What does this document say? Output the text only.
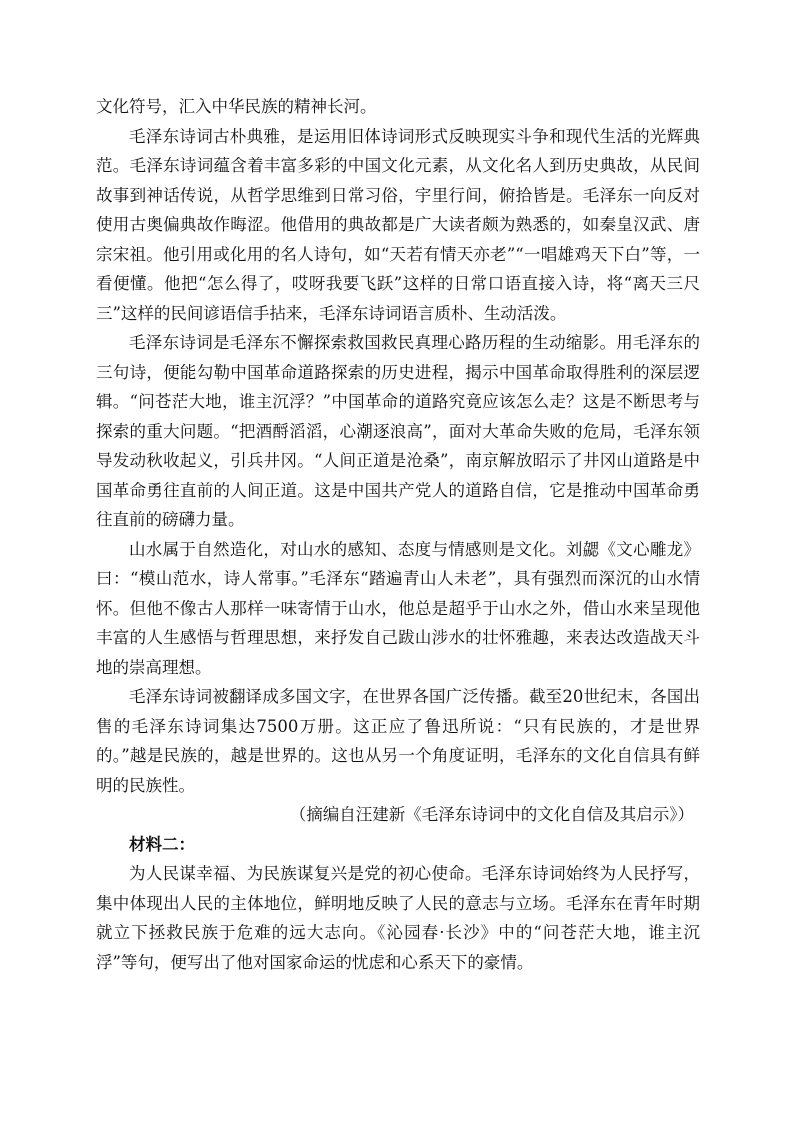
文化符号，汇入中华民族的精神长河。

毛泽东诗词古朴典雅，是运用旧体诗词形式反映现实斗争和现代生活的光辉典范。毛泽东诗词蕴含着丰富多彩的中国文化元素，从文化名人到历史典故，从民间故事到神话传说，从哲学思维到日常习俗，宇里行间，俯拾皆是。毛泽东一向反对使用古奥偏典故作晦涩。他借用的典故都是广大读者颇为熟悉的，如秦皇汉武、唐宗宋祖。他引用或化用的名人诗句，如“天若有情天亦老”“一唱雄鸡天下白”等，一看便懂。他把“怎么得了，哎呀我要飞跃”这样的日常口语直接入诗，将“离天三尺三”这样的民间谚语信手拈来，毛泽东诗词语言质朴、生动活泼。

毛泽东诗词是毛泽东不懈探索救国救民真理心路历程的生动缩影。用毛泽东的三句诗，便能勾勒中国革命道路探索的历史进程，揭示中国革命取得胜利的深层逻辑。“问苍茫大地，谁主沉浮？”中国革命的道路究竟应该怎么走？这是不断思考与探索的重大问题。“把酒酹滔滔，心潮逐浪高”，面对大革命失败的危局，毛泽东领导发动秋收起义，引兵井冈。“人间正道是沧桑”，南京解放昭示了井冈山道路是中国革命勇往直前的人间正道。这是中国共产党人的道路自信，它是推动中国革命勇往直前的磅礴力量。

山水属于自然造化，对山水的感知、态度与情感则是文化。刘勰《文心雕龙》曰：“模山范水，诗人常事。”毛泽东“踏遍青山人未老”，具有强烈而深沉的山水情怀。但他不像古人那样一味寄情于山水，他总是超乎于山水之外，借山水来呈现他丰富的人生感悟与哲理思想，来抒发自己跋山涉水的壮怀雅趣，来表达改造战天斗地的崇高理想。

毛泽东诗词被翻译成多国文字，在世界各国广泛传播。截至20世纪末，各国出售的毛泽东诗词集达7500万册。这正应了鲁迅所说：“只有民族的，才是世界的。”越是民族的，越是世界的。这也从另一个角度证明，毛泽东的文化自信具有鲜明的民族性。

（摘编自汪建新《毛泽东诗词中的文化自信及其启示》）

材料二：

为人民谋幸福、为民族谋复兴是党的初心使命。毛泽东诗词始终为人民抒写，集中体现出人民的主体地位，鲜明地反映了人民的意志与立场。毛泽东在青年时期就立下拯救民族于危难的远大志向。《沁园春·长沙》中的“问苍茫大地，谁主沉浮”等句，便写出了他对国家命运的忧虑和心系天下的豪情。
